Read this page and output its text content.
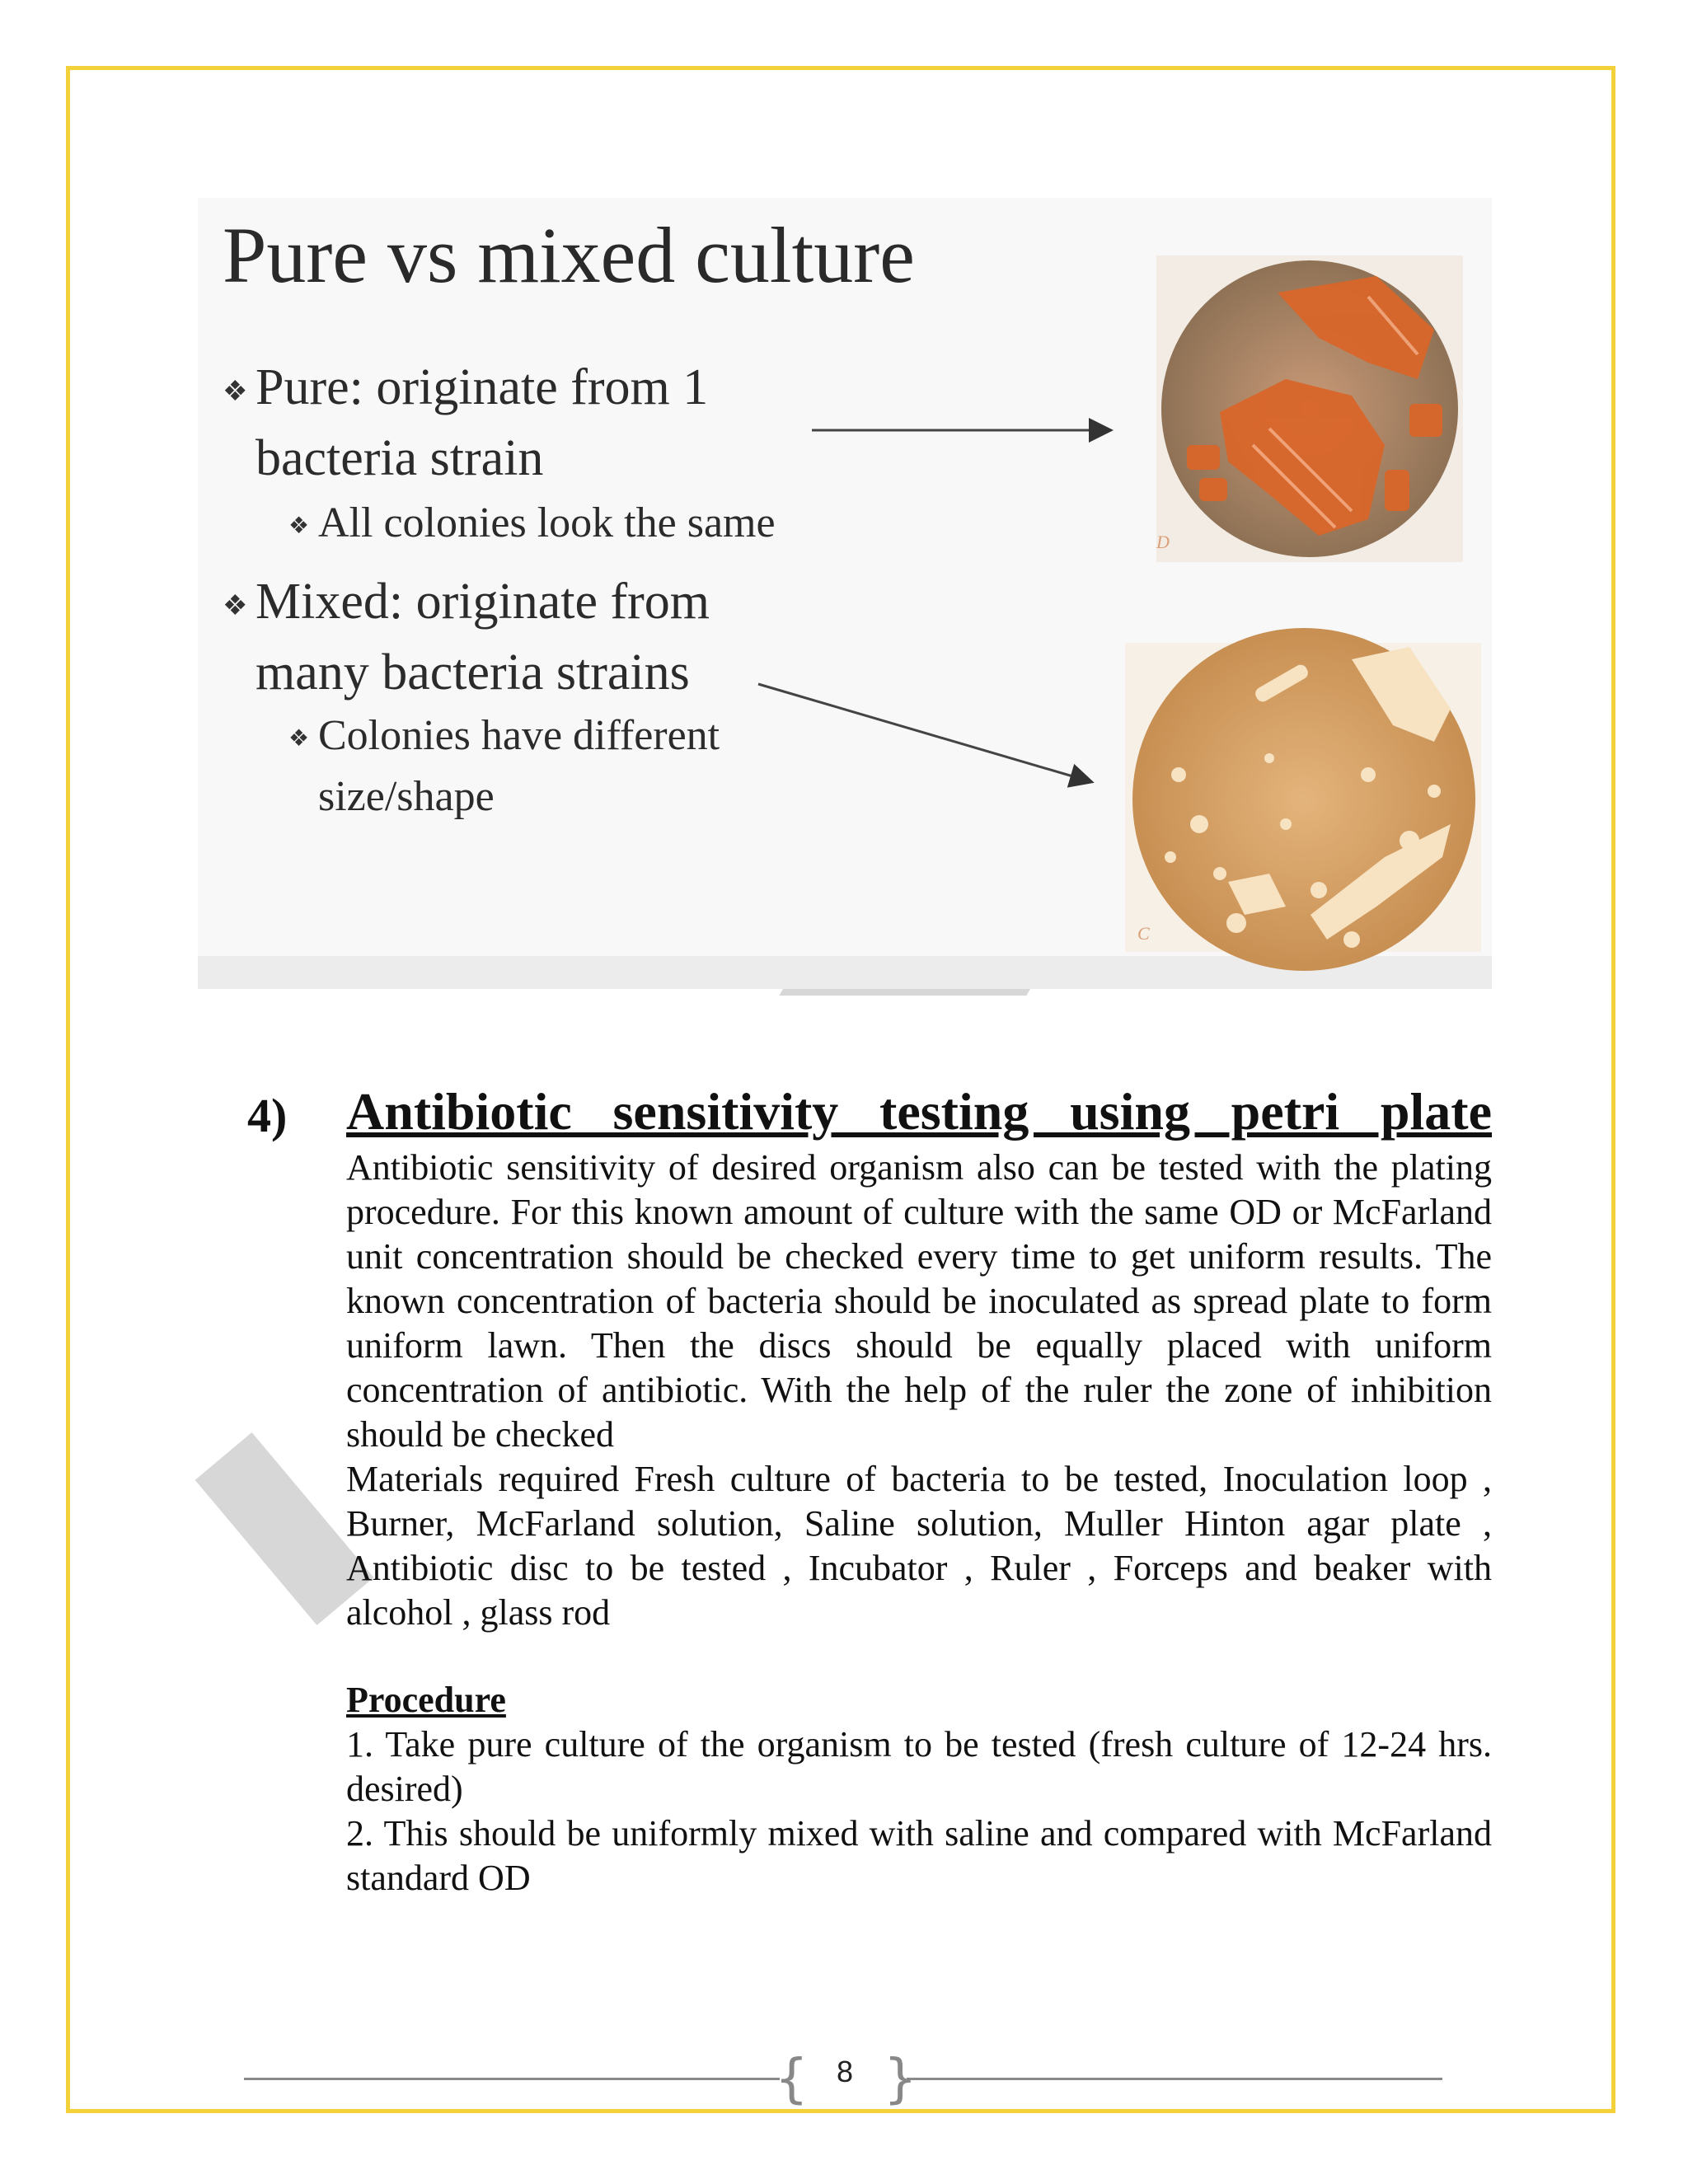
Pure vs mixed culture
❖ Pure: originate from 1
bacteria strain
❖ All colonies look the same
❖ Mixed: originate from
many bacteria strains
❖ Colonies have different
size/shape
D
C
4) Antibiotic sensitivity testing using petri plate
Antibiotic sensitivity of desired organism also can be tested with the plating procedure. For this known amount of culture with the same OD or McFarland unit concentration should be checked every time to get uniform results. The known concentration of bacteria should be inoculated as spread plate to form uniform lawn. Then the discs should be equally placed with uniform concentration of antibiotic. With the help of the ruler the zone of inhibition should be checked
Materials required Fresh culture of bacteria to be tested, Inoculation loop , Burner, McFarland solution, Saline solution, Muller Hinton agar plate , Antibiotic disc to be tested , Incubator , Ruler , Forceps and beaker with alcohol , glass rod
Procedure
1. Take pure culture of the organism to be tested (fresh culture of 12-24 hrs. desired)
2. This should be uniformly mixed with saline and compared with McFarland standard OD
{ }
8
